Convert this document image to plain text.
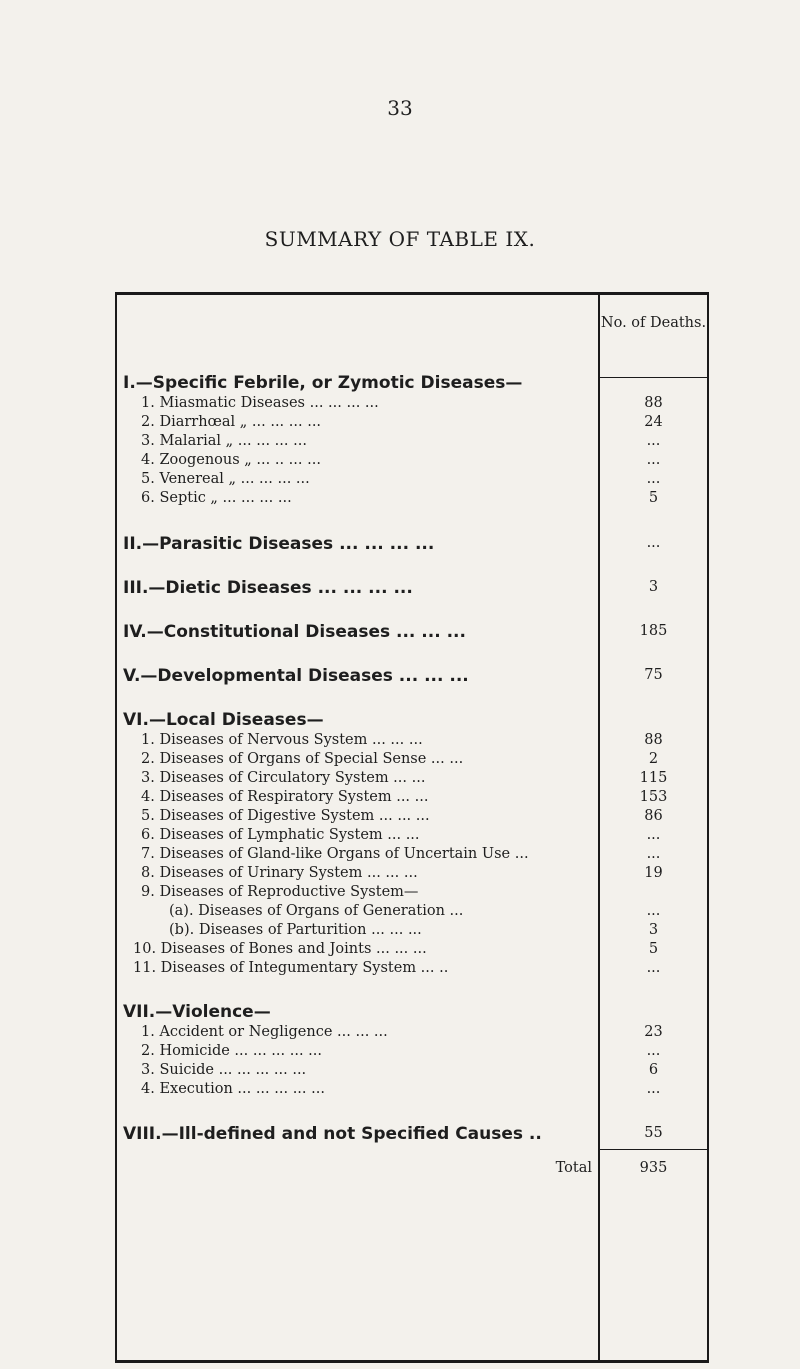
33
SUMMARY OF TABLE IX.
No. of Deaths.
I.—Specific Febrile, or Zymotic Diseases—
1. Miasmatic Diseases ... ... ... ...	88
2. Diarrhœal „ ... ... ... ...	24
3. Malarial „ ... ... ... ...	...
4. Zoogenous „ ... .. ... ...	...
5. Venereal „ ... ... ... ...	...
6. Septic „ ... ... ... ...	5
II.—Parasitic Diseases ... ... ... ...	...
III.—Dietic Diseases ... ... ... ...	3
IV.—Constitutional Diseases ... ... ...	185
V.—Developmental Diseases ... ... ...	75
VI.—Local Diseases—
1. Diseases of Nervous System ... ... ...	88
2. Diseases of Organs of Special Sense ... ...	2
3. Diseases of Circulatory System ... ...	115
4. Diseases of Respiratory System ... ...	153
5. Diseases of Digestive System ... ... ...	86
6. Diseases of Lymphatic System ... ...	...
7. Diseases of Gland-like Organs of Uncertain Use ...	...
8. Diseases of Urinary System ... ... ...	19
9. Diseases of Reproductive System—
(a). Diseases of Organs of Generation ...	...
(b). Diseases of Parturition ... ... ...	3
10. Diseases of Bones and Joints ... ... ...	5
11. Diseases of Integumentary System ... ..	...
VII.—Violence—
1. Accident or Negligence ... ... ...	23
2. Homicide ... ... ... ... ...	...
3. Suicide ... ... ... ... ...	6
4. Execution ... ... ... ... ...	...
VIII.—Ill-defined and not Specified Causes ..	55
Total	935
